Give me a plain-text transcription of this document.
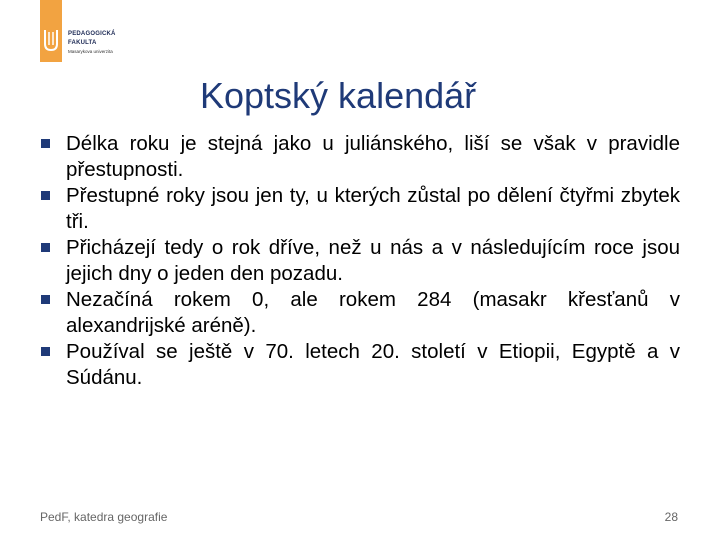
PEDAGOGICKÁ
FAKULTA
Masarykova univerzita
Koptský kalendář
Délka roku je stejná jako u juliánského, liší se však v pravidle přestupnosti.
Přestupné roky jsou jen ty, u kterých zůstal po dělení čtyřmi zbytek tři.
Přicházejí tedy o rok dříve, než u nás a v následujícím roce jsou jejich dny o jeden den pozadu.
Nezačíná rokem 0, ale rokem 284 (masakr křesťanů v alexandrijské aréně).
Používal se ještě v 70. letech 20. století v Etiopii, Egyptě a v Súdánu.
PedF, katedra geografie	28
